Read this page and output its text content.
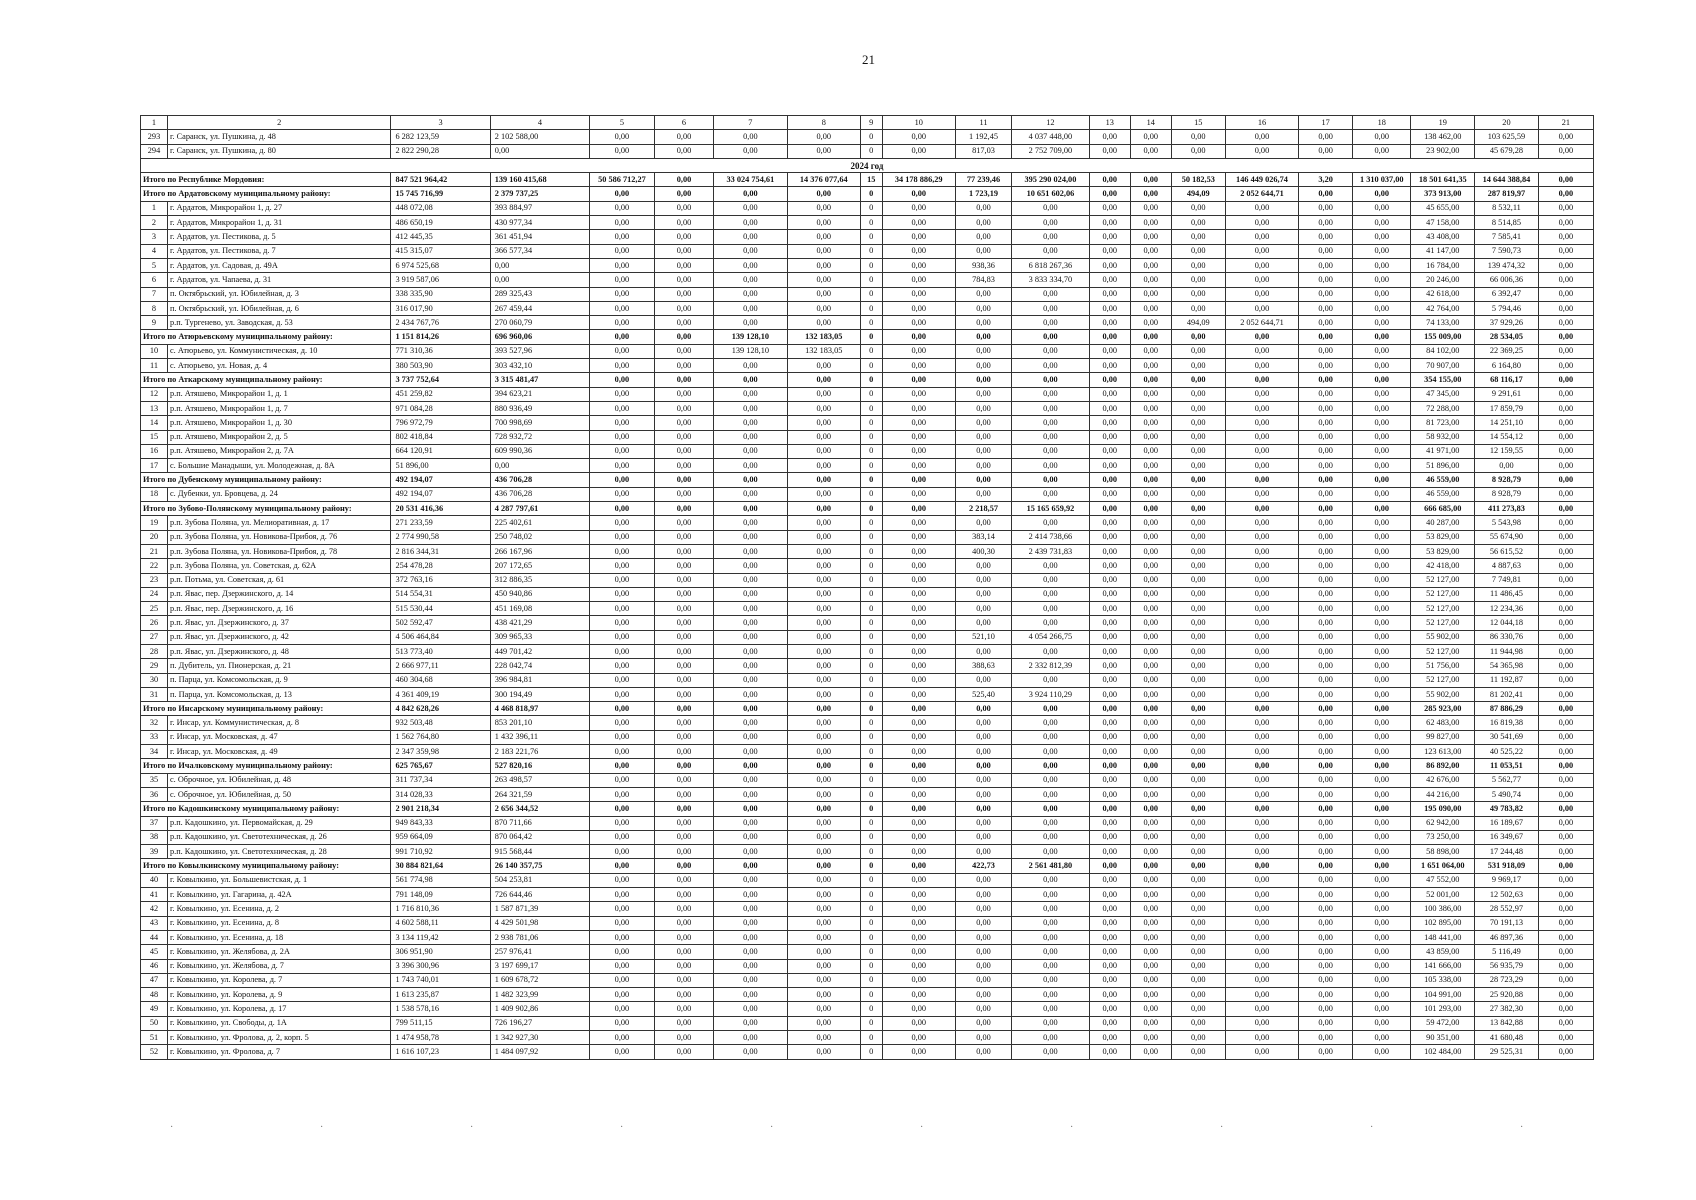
21
1	2	3	4	5	6	7	8	9	10	11	12	13	14	15	16	17	18	19	20	21
293	г. Саранск, ул. Пушкина, д. 48	6 282 123,59	2 102 588,00	0,00	0,00	0,00	0,00	0	0,00	1 192,45	4 037 448,00	0,00	0,00	0,00	0,00	0,00	0,00	138 462,00	103 625,59	0,00
294	г. Саранск, ул. Пушкина, д. 80	2 822 290,28	0,00	0,00	0,00	0,00	0,00	0	0,00	817,03	2 752 709,00	0,00	0,00	0,00	0,00	0,00	0,00	23 902,00	45 679,28	0,00
2024 год																				
Итого по Республике Мордовия:		847 521 964,42	139 160 415,68	50 586 712,27	0,00	33 024 754,61	14 376 077,64	15	34 178 886,29	77 239,46	395 290 024,00	0,00	0,00	50 182,53	146 449 026,74	3,20	1 310 037,00	18 501 641,35	14 644 388,84	0,00
Итого по Ардатовскому муниципальному району:		15 745 716,99	2 379 737,25	0,00	0,00	0,00	0,00	0	0,00	1 723,19	10 651 602,06	0,00	0,00	494,09	2 052 644,71	0,00	0,00	373 913,00	287 819,97	0,00
1	г. Ардатов, Микрорайон 1, д. 27	448 072,08	393 884,97	0,00	0,00	0,00	0,00	0	0,00	0,00	0,00	0,00	0,00	0,00	0,00	0,00	0,00	45 655,00	8 532,11	0,00
2	г. Ардатов, Микрорайон 1, д. 31	486 650,19	430 977,34	0,00	0,00	0,00	0,00	0	0,00	0,00	0,00	0,00	0,00	0,00	0,00	0,00	0,00	47 158,00	8 514,85	0,00
3	г. Ардатов, ул. Пестикова, д. 5	412 445,35	361 451,94	0,00	0,00	0,00	0,00	0	0,00	0,00	0,00	0,00	0,00	0,00	0,00	0,00	0,00	43 408,00	7 585,41	0,00
4	г. Ардатов, ул. Пестикова, д. 7	415 315,07	366 577,34	0,00	0,00	0,00	0,00	0	0,00	0,00	0,00	0,00	0,00	0,00	0,00	0,00	0,00	41 147,00	7 590,73	0,00
5	г. Ардатов, ул. Садовая, д. 49А	6 974 525,68	0,00	0,00	0,00	0,00	0,00	0	0,00	938,36	6 818 267,36	0,00	0,00	0,00	0,00	0,00	0,00	16 784,00	139 474,32	0,00
6	г. Ардатов, ул. Чапаева, д. 31	3 919 587,06	0,00	0,00	0,00	0,00	0,00	0	0,00	784,83	3 833 334,70	0,00	0,00	0,00	0,00	0,00	0,00	20 246,00	66 006,36	0,00
7	п. Октябрьский, ул. Юбилейная, д. 3	338 335,90	289 325,43	0,00	0,00	0,00	0,00	0	0,00	0,00	0,00	0,00	0,00	0,00	0,00	0,00	0,00	42 618,00	6 392,47	0,00
8	п. Октябрьский, ул. Юбилейная, д. 6	316 017,90	267 459,44	0,00	0,00	0,00	0,00	0	0,00	0,00	0,00	0,00	0,00	0,00	0,00	0,00	0,00	42 764,00	5 794,46	0,00
9	р.п. Тургенево, ул. Заводская, д. 53	2 434 767,76	270 060,79	0,00	0,00	0,00	0,00	0	0,00	0,00	0,00	0,00	0,00	494,09	2 052 644,71	0,00	0,00	74 133,00	37 929,26	0,00
Итого по Атюрьевскому муниципальному району:		1 151 814,26	696 960,06	0,00	0,00	139 128,10	132 183,05	0	0,00	0,00	0,00	0,00	0,00	0,00	0,00	0,00	0,00	155 009,00	28 534,05	0,00
10	с. Атюрьево, ул. Коммунистическая, д. 10	771 310,36	393 527,96	0,00	0,00	139 128,10	132 183,05	0	0,00	0,00	0,00	0,00	0,00	0,00	0,00	0,00	0,00	84 102,00	22 369,25	0,00
11	с. Атюрьево, ул. Новая, д. 4	380 503,90	303 432,10	0,00	0,00	0,00	0,00	0	0,00	0,00	0,00	0,00	0,00	0,00	0,00	0,00	0,00	70 907,00	6 164,80	0,00
Итого по Аткарскому муниципальному району:		3 737 752,64	3 315 481,47	0,00	0,00	0,00	0,00	0	0,00	0,00	0,00	0,00	0,00	0,00	0,00	0,00	0,00	354 155,00	68 116,17	0,00
12	р.п. Атяшево, Микрорайон 1, д. 1	451 259,82	394 623,21	0,00	0,00	0,00	0,00	0	0,00	0,00	0,00	0,00	0,00	0,00	0,00	0,00	0,00	47 345,00	9 291,61	0,00
13	р.п. Атяшево, Микрорайон 1, д. 7	971 084,28	880 936,49	0,00	0,00	0,00	0,00	0	0,00	0,00	0,00	0,00	0,00	0,00	0,00	0,00	0,00	72 288,00	17 859,79	0,00
14	р.п. Атяшево, Микрорайон 1, д. 30	796 972,79	700 998,69	0,00	0,00	0,00	0,00	0	0,00	0,00	0,00	0,00	0,00	0,00	0,00	0,00	0,00	81 723,00	14 251,10	0,00
15	р.п. Атяшево, Микрорайон 2, д. 5	802 418,84	728 932,72	0,00	0,00	0,00	0,00	0	0,00	0,00	0,00	0,00	0,00	0,00	0,00	0,00	0,00	58 932,00	14 554,12	0,00
16	р.п. Атяшево, Микрорайон 2, д. 7А	664 120,91	609 990,36	0,00	0,00	0,00	0,00	0	0,00	0,00	0,00	0,00	0,00	0,00	0,00	0,00	0,00	41 971,00	12 159,55	0,00
17	с. Большие Манадыши, ул. Молодежная, д. 8А	51 896,00	0,00	0,00	0,00	0,00	0,00	0	0,00	0,00	0,00	0,00	0,00	0,00	0,00	0,00	0,00	51 896,00	0,00	0,00
Итого по Дубенскому муниципальному району:		492 194,07	436 706,28	0,00	0,00	0,00	0,00	0	0,00	0,00	0,00	0,00	0,00	0,00	0,00	0,00	0,00	46 559,00	8 928,79	0,00
18	с. Дубенки, ул. Бровцева, д. 24	492 194,07	436 706,28	0,00	0,00	0,00	0,00	0	0,00	0,00	0,00	0,00	0,00	0,00	0,00	0,00	0,00	46 559,00	8 928,79	0,00
Итого по Зубово-Полянскому муниципальному району:		20 531 416,36	4 287 797,61	0,00	0,00	0,00	0,00	0	0,00	2 218,57	15 165 659,92	0,00	0,00	0,00	0,00	0,00	0,00	666 685,00	411 273,83	0,00
19	р.п. Зубова Поляна, ул. Мелиоративная, д. 17	271 233,59	225 402,61	0,00	0,00	0,00	0,00	0	0,00	0,00	0,00	0,00	0,00	0,00	0,00	0,00	0,00	40 287,00	5 543,98	0,00
20	р.п. Зубова Поляна, ул. Новикова-Прибоя, д. 76	2 774 990,58	250 748,02	0,00	0,00	0,00	0,00	0	0,00	383,14	2 414 738,66	0,00	0,00	0,00	0,00	0,00	0,00	53 829,00	55 674,90	0,00
21	р.п. Зубова Поляна, ул. Новикова-Прибоя, д. 78	2 816 344,31	266 167,96	0,00	0,00	0,00	0,00	0	0,00	400,30	2 439 731,83	0,00	0,00	0,00	0,00	0,00	0,00	53 829,00	56 615,52	0,00
22	р.п. Зубова Поляна, ул. Советская, д. 62А	254 478,28	207 172,65	0,00	0,00	0,00	0,00	0	0,00	0,00	0,00	0,00	0,00	0,00	0,00	0,00	0,00	42 418,00	4 887,63	0,00
23	р.п. Потьма, ул. Советская, д. 61	372 763,16	312 886,35	0,00	0,00	0,00	0,00	0	0,00	0,00	0,00	0,00	0,00	0,00	0,00	0,00	0,00	52 127,00	7 749,81	0,00
24	р.п. Явас, пер. Дзержинского, д. 14	514 554,31	450 940,86	0,00	0,00	0,00	0,00	0	0,00	0,00	0,00	0,00	0,00	0,00	0,00	0,00	0,00	52 127,00	11 486,45	0,00
25	р.п. Явас, пер. Дзержинского, д. 16	515 530,44	451 169,08	0,00	0,00	0,00	0,00	0	0,00	0,00	0,00	0,00	0,00	0,00	0,00	0,00	0,00	52 127,00	12 234,36	0,00
26	р.п. Явас, ул. Дзержинского, д. 37	502 592,47	438 421,29	0,00	0,00	0,00	0,00	0	0,00	0,00	0,00	0,00	0,00	0,00	0,00	0,00	0,00	52 127,00	12 044,18	0,00
27	р.п. Явас, ул. Дзержинского, д. 42	4 506 464,84	309 965,33	0,00	0,00	0,00	0,00	0	0,00	521,10	4 054 266,75	0,00	0,00	0,00	0,00	0,00	0,00	55 902,00	86 330,76	0,00
28	р.п. Явас, ул. Дзержинского, д. 48	513 773,40	449 701,42	0,00	0,00	0,00	0,00	0	0,00	0,00	0,00	0,00	0,00	0,00	0,00	0,00	0,00	52 127,00	11 944,98	0,00
29	п. Дубитель, ул. Пионерская, д. 21	2 666 977,11	228 042,74	0,00	0,00	0,00	0,00	0	0,00	388,63	2 332 812,39	0,00	0,00	0,00	0,00	0,00	0,00	51 756,00	54 365,98	0,00
30	п. Парца, ул. Комсомольская, д. 9	460 304,68	396 984,81	0,00	0,00	0,00	0,00	0	0,00	0,00	0,00	0,00	0,00	0,00	0,00	0,00	0,00	52 127,00	11 192,87	0,00
31	п. Парца, ул. Комсомольская, д. 13	4 361 409,19	300 194,49	0,00	0,00	0,00	0,00	0	0,00	525,40	3 924 110,29	0,00	0,00	0,00	0,00	0,00	0,00	55 902,00	81 202,41	0,00
Итого по Инсарскому муниципальному району:		4 842 628,26	4 468 818,97	0,00	0,00	0,00	0,00	0	0,00	0,00	0,00	0,00	0,00	0,00	0,00	0,00	0,00	285 923,00	87 886,29	0,00
32	г. Инсар, ул. Коммунистическая, д. 8	932 503,48	853 201,10	0,00	0,00	0,00	0,00	0	0,00	0,00	0,00	0,00	0,00	0,00	0,00	0,00	0,00	62 483,00	16 819,38	0,00
33	г. Инсар, ул. Московская, д. 47	1 562 764,80	1 432 396,11	0,00	0,00	0,00	0,00	0	0,00	0,00	0,00	0,00	0,00	0,00	0,00	0,00	0,00	99 827,00	30 541,69	0,00
34	г. Инсар, ул. Московская, д. 49	2 347 359,98	2 183 221,76	0,00	0,00	0,00	0,00	0	0,00	0,00	0,00	0,00	0,00	0,00	0,00	0,00	0,00	123 613,00	40 525,22	0,00
Итого по Ичалковскому муниципальному району:		625 765,67	527 820,16	0,00	0,00	0,00	0,00	0	0,00	0,00	0,00	0,00	0,00	0,00	0,00	0,00	0,00	86 892,00	11 053,51	0,00
35	с. Оброчное, ул. Юбилейная, д. 48	311 737,34	263 498,57	0,00	0,00	0,00	0,00	0	0,00	0,00	0,00	0,00	0,00	0,00	0,00	0,00	0,00	42 676,00	5 562,77	0,00
36	с. Оброчное, ул. Юбилейная, д. 50	314 028,33	264 321,59	0,00	0,00	0,00	0,00	0	0,00	0,00	0,00	0,00	0,00	0,00	0,00	0,00	0,00	44 216,00	5 490,74	0,00
Итого по Кадошкинскому муниципальному району:		2 901 218,34	2 656 344,52	0,00	0,00	0,00	0,00	0	0,00	0,00	0,00	0,00	0,00	0,00	0,00	0,00	0,00	195 090,00	49 783,82	0,00
37	р.п. Кадошкино, ул. Первомайская, д. 29	949 843,33	870 711,66	0,00	0,00	0,00	0,00	0	0,00	0,00	0,00	0,00	0,00	0,00	0,00	0,00	0,00	62 942,00	16 189,67	0,00
38	р.п. Кадошкино, ул. Светотехническая, д. 26	959 664,09	870 064,42	0,00	0,00	0,00	0,00	0	0,00	0,00	0,00	0,00	0,00	0,00	0,00	0,00	0,00	73 250,00	16 349,67	0,00
39	р.п. Кадошкино, ул. Светотехническая, д. 28	991 710,92	915 568,44	0,00	0,00	0,00	0,00	0	0,00	0,00	0,00	0,00	0,00	0,00	0,00	0,00	0,00	58 898,00	17 244,48	0,00
Итого по Ковылкинскому муниципальному району:		30 884 821,64	26 140 357,75	0,00	0,00	0,00	0,00	0	0,00	422,73	2 561 481,80	0,00	0,00	0,00	0,00	0,00	0,00	1 651 064,00	531 918,09	0,00
40	г. Ковылкино, ул. Большевистская, д. 1	561 774,98	504 253,81	0,00	0,00	0,00	0,00	0	0,00	0,00	0,00	0,00	0,00	0,00	0,00	0,00	0,00	47 552,00	9 969,17	0,00
41	г. Ковылкино, ул. Гагарина, д. 42А	791 148,09	726 644,46	0,00	0,00	0,00	0,00	0	0,00	0,00	0,00	0,00	0,00	0,00	0,00	0,00	0,00	52 001,00	12 502,63	0,00
42	г. Ковылкино, ул. Есенина, д. 2	1 716 810,36	1 587 871,39	0,00	0,00	0,00	0,00	0	0,00	0,00	0,00	0,00	0,00	0,00	0,00	0,00	0,00	100 386,00	28 552,97	0,00
43	г. Ковылкино, ул. Есенина, д. 8	4 602 588,11	4 429 501,98	0,00	0,00	0,00	0,00	0	0,00	0,00	0,00	0,00	0,00	0,00	0,00	0,00	0,00	102 895,00	70 191,13	0,00
44	г. Ковылкино, ул. Есенина, д. 18	3 134 119,42	2 938 781,06	0,00	0,00	0,00	0,00	0	0,00	0,00	0,00	0,00	0,00	0,00	0,00	0,00	0,00	148 441,00	46 897,36	0,00
45	г. Ковылкино, ул. Желябова, д. 2А	306 951,90	257 976,41	0,00	0,00	0,00	0,00	0	0,00	0,00	0,00	0,00	0,00	0,00	0,00	0,00	0,00	43 859,00	5 116,49	0,00
46	г. Ковылкино, ул. Желябова, д. 7	3 396 300,96	3 197 699,17	0,00	0,00	0,00	0,00	0	0,00	0,00	0,00	0,00	0,00	0,00	0,00	0,00	0,00	141 666,00	56 935,79	0,00
47	г. Ковылкино, ул. Королева, д. 7	1 743 740,01	1 609 678,72	0,00	0,00	0,00	0,00	0	0,00	0,00	0,00	0,00	0,00	0,00	0,00	0,00	0,00	105 338,00	28 723,29	0,00
48	г. Ковылкино, ул. Королева, д. 9	1 613 235,87	1 482 323,99	0,00	0,00	0,00	0,00	0	0,00	0,00	0,00	0,00	0,00	0,00	0,00	0,00	0,00	104 991,00	25 920,88	0,00
49	г. Ковылкино, ул. Королева, д. 17	1 538 578,16	1 409 902,86	0,00	0,00	0,00	0,00	0	0,00	0,00	0,00	0,00	0,00	0,00	0,00	0,00	0,00	101 293,00	27 382,30	0,00
50	г. Ковылкино, ул. Свободы, д. 1А	799 511,15	726 196,27	0,00	0,00	0,00	0,00	0	0,00	0,00	0,00	0,00	0,00	0,00	0,00	0,00	0,00	59 472,00	13 842,88	0,00
51	г. Ковылкино, ул. Фролова, д. 2, корп. 5	1 474 958,78	1 342 927,30	0,00	0,00	0,00	0,00	0	0,00	0,00	0,00	0,00	0,00	0,00	0,00	0,00	0,00	90 351,00	41 680,48	0,00
52	г. Ковылкино, ул. Фролова, д. 7	1 616 107,23	1 484 097,92	0,00	0,00	0,00	0,00	0	0,00	0,00	0,00	0,00	0,00	0,00	0,00	0,00	0,00	102 484,00	29 525,31	0,00
·	·	·	·	·	·	·	·	·	·
